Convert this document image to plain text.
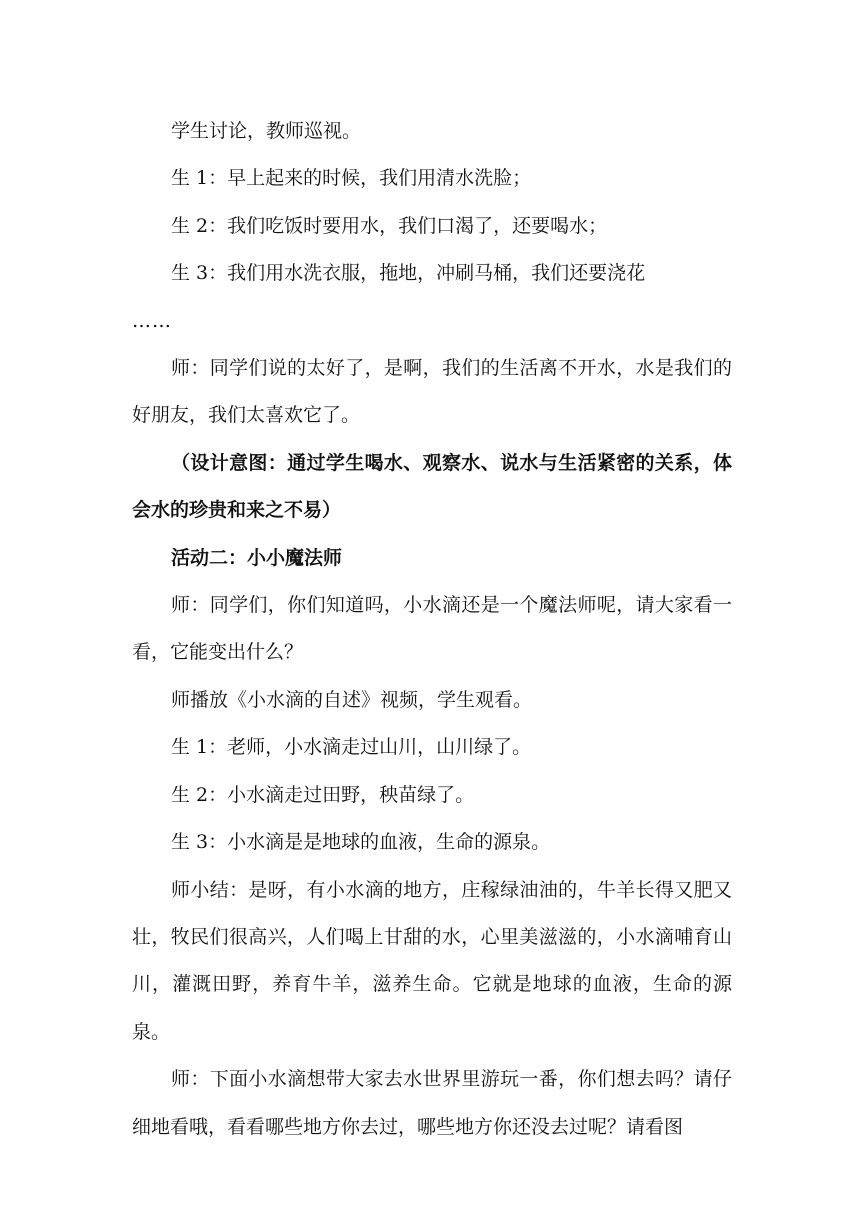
学生讨论，教师巡视。

生 1：早上起来的时候，我们用清水洗脸；

生 2：我们吃饭时要用水，我们口渴了，还要喝水；

生 3：我们用水洗衣服，拖地，冲刷马桶，我们还要浇花

……

师：同学们说的太好了，是啊，我们的生活离不开水，水是我们的好朋友，我们太喜欢它了。

（设计意图：通过学生喝水、观察水、说水与生活紧密的关系，体会水的珍贵和来之不易）

活动二：小小魔法师

师：同学们，你们知道吗，小水滴还是一个魔法师呢，请大家看一看，它能变出什么？

师播放《小水滴的自述》视频，学生观看。

生 1：老师，小水滴走过山川，山川绿了。

生 2：小水滴走过田野，秧苗绿了。

生 3：小水滴是是地球的血液，生命的源泉。

师小结：是呀，有小水滴的地方，庄稼绿油油的，牛羊长得又肥又壮，牧民们很高兴，人们喝上甘甜的水，心里美滋滋的，小水滴哺育山川，灌溉田野，养育牛羊，滋养生命。它就是地球的血液，生命的源泉。

师：下面小水滴想带大家去水世界里游玩一番，你们想去吗？请仔细地看哦，看看哪些地方你去过，哪些地方你还没去过呢？请看图
